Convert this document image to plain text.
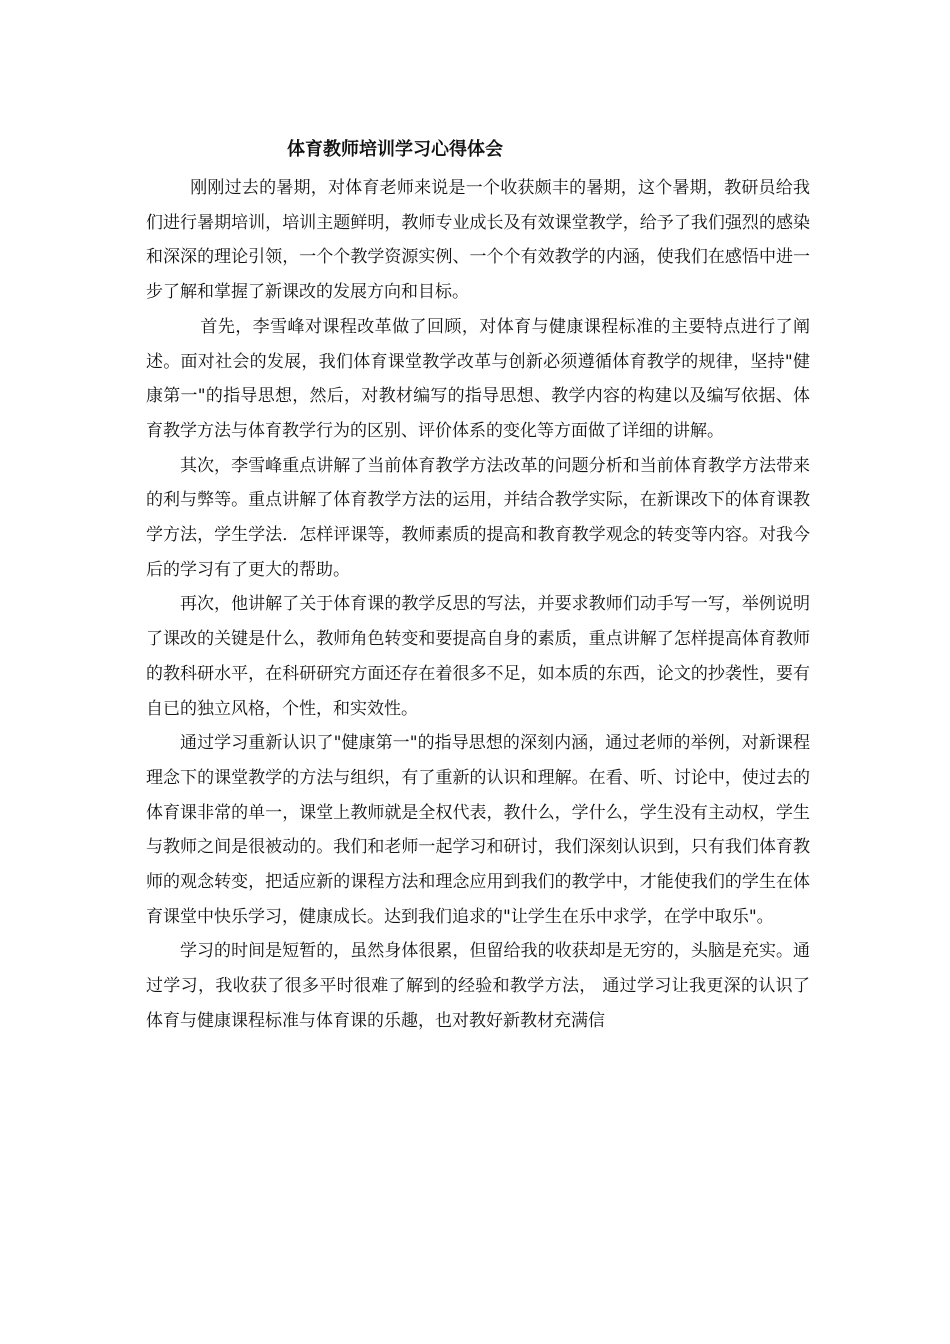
体育教师培训学习心得体会

刚刚过去的暑期，对体育老师来说是一个收获颇丰的暑期，这个暑期，教研员给我们进行暑期培训，培训主题鲜明，教师专业成长及有效课堂教学，给予了我们强烈的感染和深深的理论引领，一个个教学资源实例、一个个有效教学的内涵，使我们在感悟中进一步了解和掌握了新课改的发展方向和目标。

首先，李雪峰对课程改革做了回顾，对体育与健康课程标准的主要特点进行了阐述。面对社会的发展，我们体育课堂教学改革与创新必须遵循体育教学的规律，坚持"健康第一"的指导思想，然后，对教材编写的指导思想、教学内容的构建以及编写依据、体育教学方法与体育教学行为的区别、评价体系的变化等方面做了详细的讲解。

其次，李雪峰重点讲解了当前体育教学方法改革的问题分析和当前体育教学方法带来的利与弊等。重点讲解了体育教学方法的运用，并结合教学实际，在新课改下的体育课教学方法，学生学法．怎样评课等，教师素质的提高和教育教学观念的转变等内容。对我今后的学习有了更大的帮助。

再次，他讲解了关于体育课的教学反思的写法，并要求教师们动手写一写，举例说明了课改的关键是什么，教师角色转变和要提高自身的素质，重点讲解了怎样提高体育教师的教科研水平，在科研研究方面还存在着很多不足，如本质的东西，论文的抄袭性，要有自已的独立风格，个性，和实效性。

通过学习重新认识了"健康第一"的指导思想的深刻内涵，通过老师的举例，对新课程理念下的课堂教学的方法与组织，有了重新的认识和理解。在看、听、讨论中，使过去的体育课非常的单一，课堂上教师就是全权代表，教什么，学什么，学生没有主动权，学生与教师之间是很被动的。我们和老师一起学习和研讨，我们深刻认识到，只有我们体育教师的观念转变，把适应新的课程方法和理念应用到我们的教学中，才能使我们的学生在体育课堂中快乐学习，健康成长。达到我们追求的"让学生在乐中求学，在学中取乐"。

学习的时间是短暂的，虽然身体很累，但留给我的收获却是无穷的，头脑是充实。通过学习，我收获了很多平时很难了解到的经验和教学方法， 通过学习让我更深的认识了体育与健康课程标准与体育课的乐趣，也对教好新教材充满信
